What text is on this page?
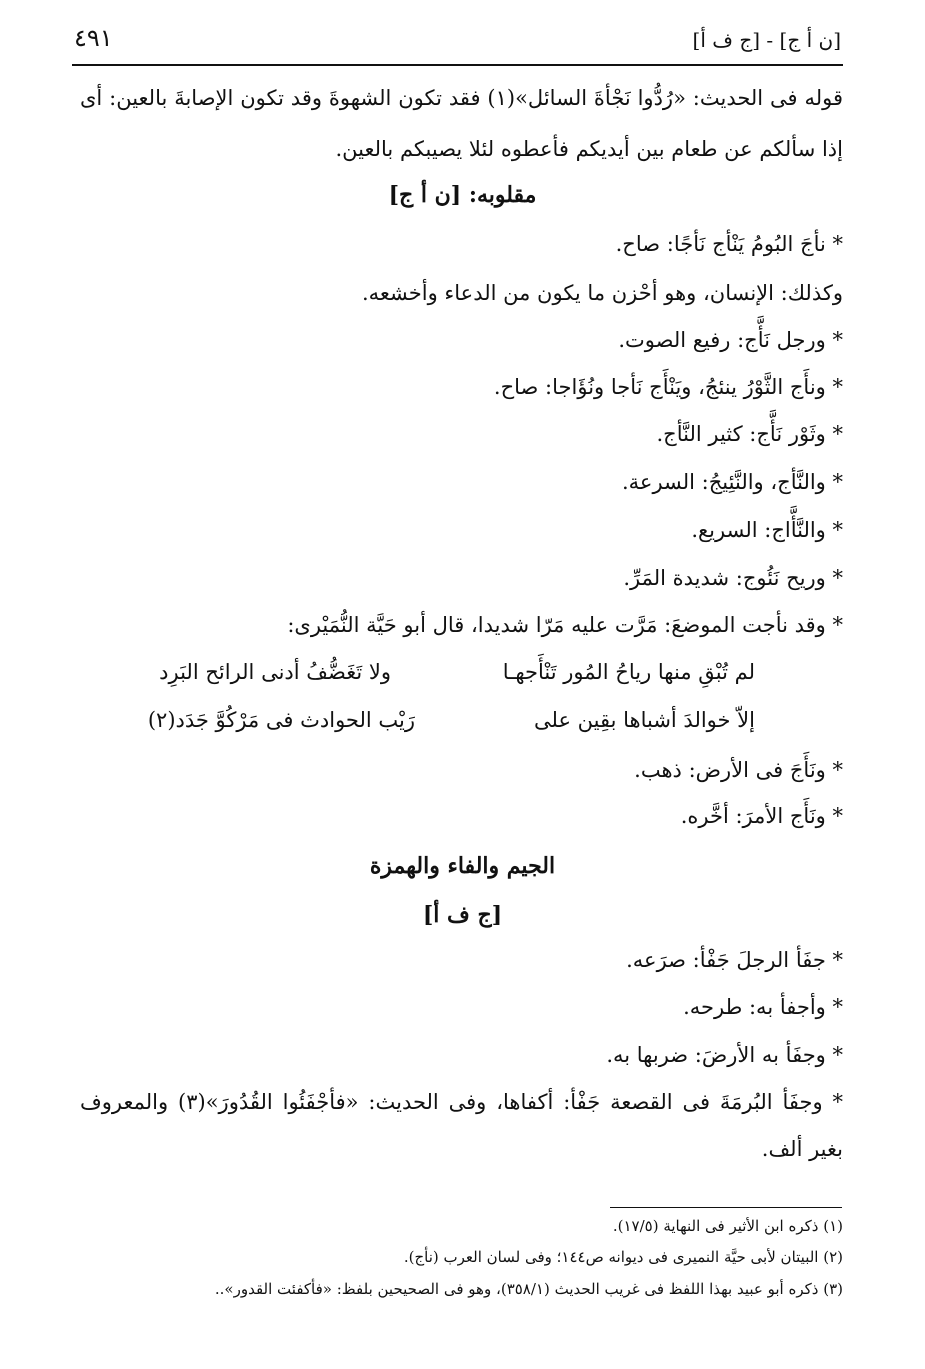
٤٩١	[ن أ ج] - [ج ف أ]
قوله فى الحديث: «رُدُّوا نَجْأةَ السائل»(١) فقد تكون الشهوةَ وقد تكون الإصابةَ بالعين: أى
إذا سألكم عن طعام بين أيديكم فأعطوه لئلا يصيبكم بالعين.
مقلوبه: [ن أ ج]
* نأجَ البُومُ يَنْأج نَأجًا: صاح.
وكذلك: الإنسان، وهو أحْزن ما يكون من الدعاء وأخشعه.
* ورجل نَأَّج: رفيع الصوت.
* ونأَج الثَّوْرُ ينئجُ، ويَنْأَج نَأجا ونُؤَاجا: صاح.
* وثَوْر نَأَّج: كثير النَّأج.
* والنَّأج، والنَّئِيجُ: السرعة.
* والنَّأَّاج: السريع.
* وريح نَئُوج: شديدة المَرِّ.
* وقد نأجت الموضعَ: مَرَّت عليه مَرّا شديدا، قال أبو حَيَّة النُّمَيْرى:
لم تُبْقِ منها رياحُ المُور تَنْأَجهـا
ولا تَغَضُّفُ أدنى الرائح البَرِد
إلاّ خوالدَ أشباها بقِين على
رَيْب الحوادث فى مَرْكُوَّ جَدَد(٢)
* ونَأَجَ فى الأرض: ذهب.
* ونَأَج الأمرَ: أخَّره.
الجيم والفاء والهمزة
[ج ف أ]
* جفَأ الرجلَ جَفْأ: صرَعه.
* وأجفأ به: طرحه.
* وجفَأ به الأرضَ: ضربها به.
* وجفَأ البُرمَةَ فى القصعة جَفْأ: أكفاها، وفى الحديث: «فأجْفَئُوا القُدُورَ»(٣) والمعروف
بغير ألف.
(١) ذكره ابن الأثير فى النهاية (١٧/٥).
(٢) البيتان لأبى حيَّة النميرى فى ديوانه ص١٤٤؛ وفى لسان العرب (نأج).
(٣) ذكره أبو عبيد بهذا اللفظ فى غريب الحديث (٣٥٨/١)، وهو فى الصحيحين بلفظ: «فأكفئت القدور»..
